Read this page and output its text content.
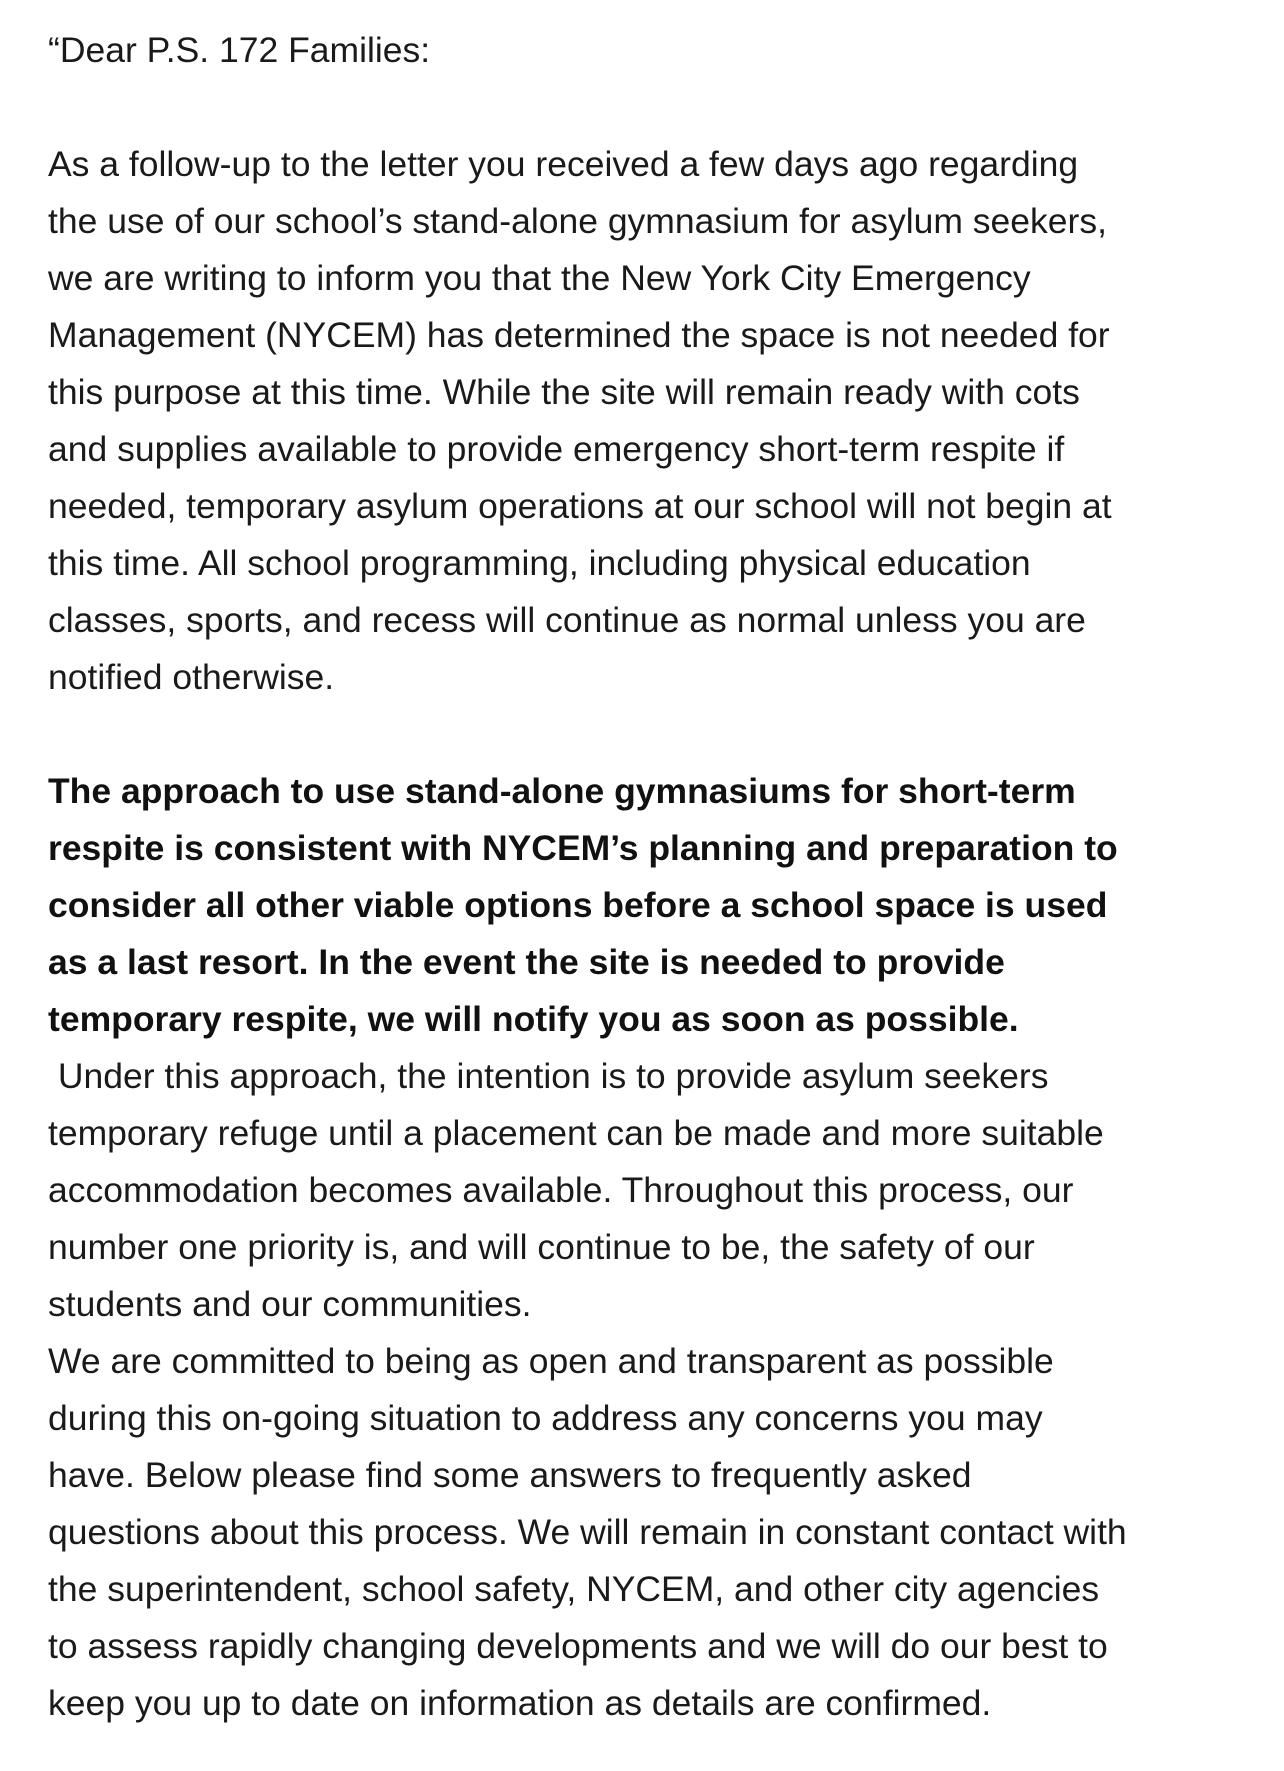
“Dear P.S. 172 Families:
As a follow-up to the letter you received a few days ago regarding
the use of our school’s stand-alone gymnasium for asylum seekers,
we are writing to inform you that the New York City Emergency
Management (NYCEM) has determined the space is not needed for
this purpose at this time. While the site will remain ready with cots
and supplies available to provide emergency short-term respite if
needed, temporary asylum operations at our school will not begin at
this time. All school programming, including physical education
classes, sports, and recess will continue as normal unless you are
notified otherwise.
The approach to use stand-alone gymnasiums for short-term
respite is consistent with NYCEM’s planning and preparation to
consider all other viable options before a school space is used
as a last resort. In the event the site is needed to provide
temporary respite, we will notify you as soon as possible.
Under this approach, the intention is to provide asylum seekers
temporary refuge until a placement can be made and more suitable
accommodation becomes available. Throughout this process, our
number one priority is, and will continue to be, the safety of our
students and our communities.
We are committed to being as open and transparent as possible
during this on-going situation to address any concerns you may
have. Below please find some answers to frequently asked
questions about this process. We will remain in constant contact with
the superintendent, school safety, NYCEM, and other city agencies
to assess rapidly changing developments and we will do our best to
keep you up to date on information as details are confirmed.
